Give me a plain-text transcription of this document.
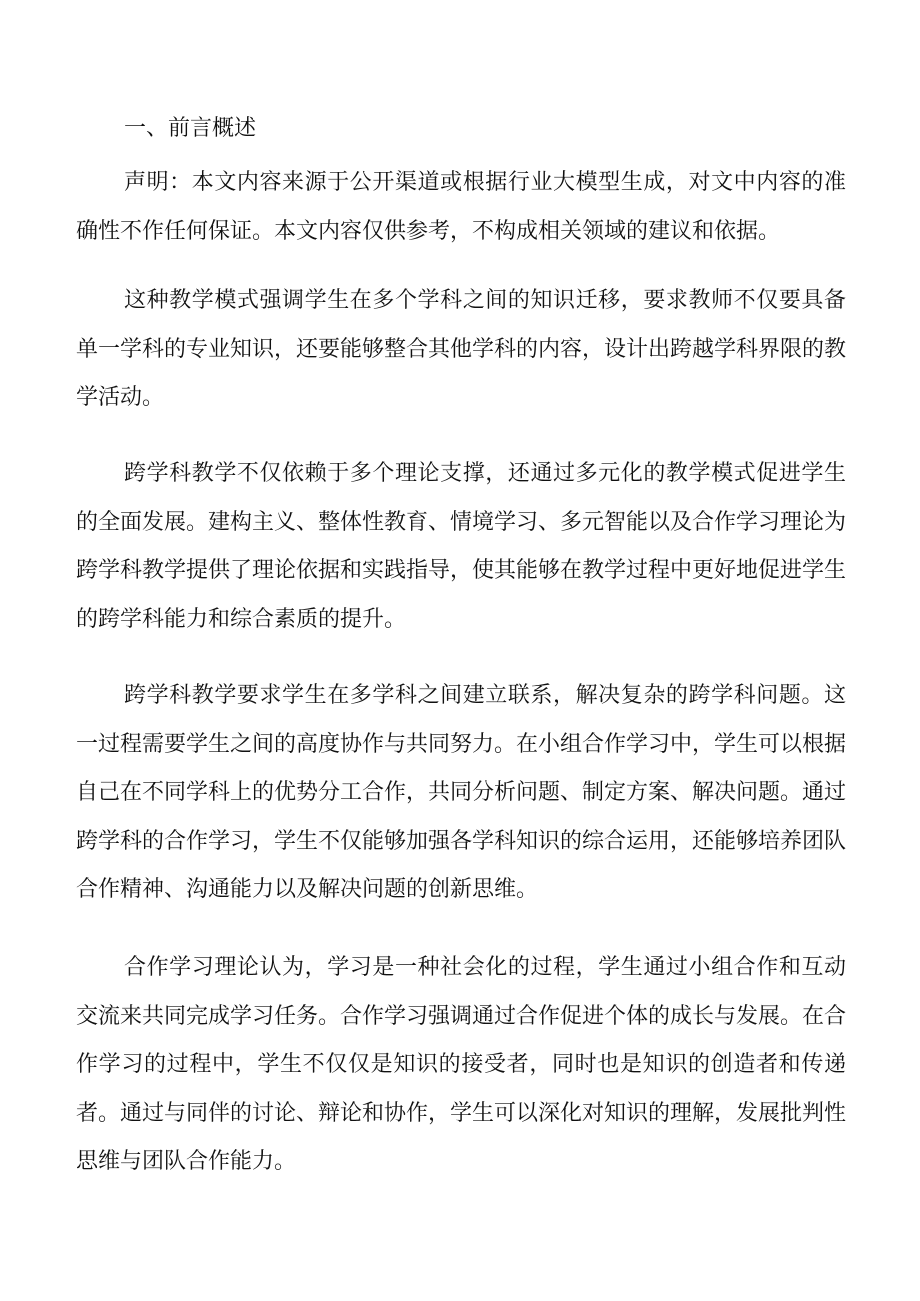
一、前言概述

声明：本文内容来源于公开渠道或根据行业大模型生成，对文中内容的准确性不作任何保证。本文内容仅供参考，不构成相关领域的建议和依据。

这种教学模式强调学生在多个学科之间的知识迁移，要求教师不仅要具备单一学科的专业知识，还要能够整合其他学科的内容，设计出跨越学科界限的教学活动。

跨学科教学不仅依赖于多个理论支撑，还通过多元化的教学模式促进学生的全面发展。建构主义、整体性教育、情境学习、多元智能以及合作学习理论为跨学科教学提供了理论依据和实践指导，使其能够在教学过程中更好地促进学生的跨学科能力和综合素质的提升。

跨学科教学要求学生在多学科之间建立联系，解决复杂的跨学科问题。这一过程需要学生之间的高度协作与共同努力。在小组合作学习中，学生可以根据自己在不同学科上的优势分工合作，共同分析问题、制定方案、解决问题。通过跨学科的合作学习，学生不仅能够加强各学科知识的综合运用，还能够培养团队合作精神、沟通能力以及解决问题的创新思维。

合作学习理论认为，学习是一种社会化的过程，学生通过小组合作和互动交流来共同完成学习任务。合作学习强调通过合作促进个体的成长与发展。在合作学习的过程中，学生不仅仅是知识的接受者，同时也是知识的创造者和传递者。通过与同伴的讨论、辩论和协作，学生可以深化对知识的理解，发展批判性思维与团队合作能力。
